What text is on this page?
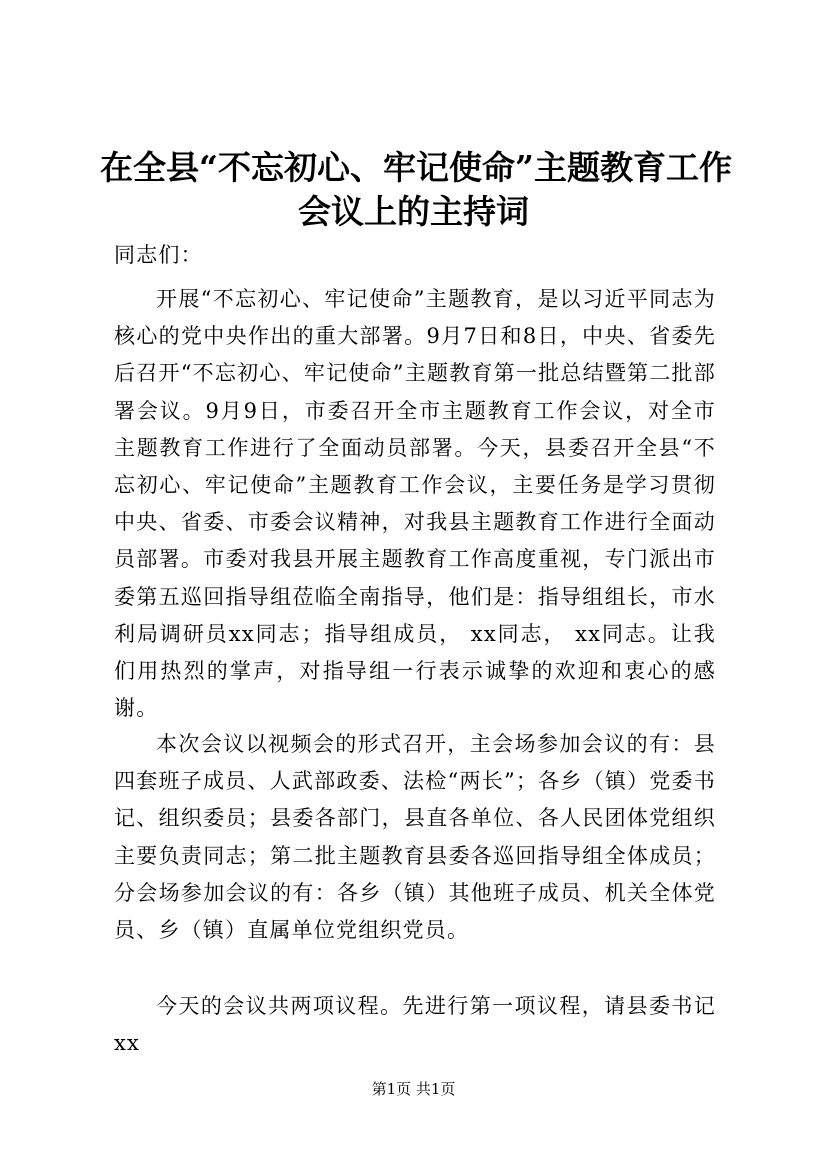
在全县“不忘初心、牢记使命”主题教育工作
会议上的主持词

同志们：

开展“不忘初心、牢记使命”主题教育，是以习近平同志为核心的党中央作出的重大部署。9月7日和8日，中央、省委先后召开“不忘初心、牢记使命”主题教育第一批总结暨第二批部署会议。9月9日，市委召开全市主题教育工作会议，对全市主题教育工作进行了全面动员部署。今天，县委召开全县“不忘初心、牢记使命”主题教育工作会议，主要任务是学习贯彻中央、省委、市委会议精神，对我县主题教育工作进行全面动员部署。市委对我县开展主题教育工作高度重视，专门派出市委第五巡回指导组莅临全南指导，他们是：指导组组长，市水利局调研员xx同志；指导组成员， xx同志， xx同志。让我们用热烈的掌声，对指导组一行表示诚挚的欢迎和衷心的感谢。

本次会议以视频会的形式召开，主会场参加会议的有：县四套班子成员、人武部政委、法检“两长”；各乡（镇）党委书记、组织委员；县委各部门，县直各单位、各人民团体党组织主要负责同志；第二批主题教育县委各巡回指导组全体成员；分会场参加会议的有：各乡（镇）其他班子成员、机关全体党员、乡（镇）直属单位党组织党员。

今天的会议共两项议程。先进行第一项议程，请县委书记xx

第1页 共1页
